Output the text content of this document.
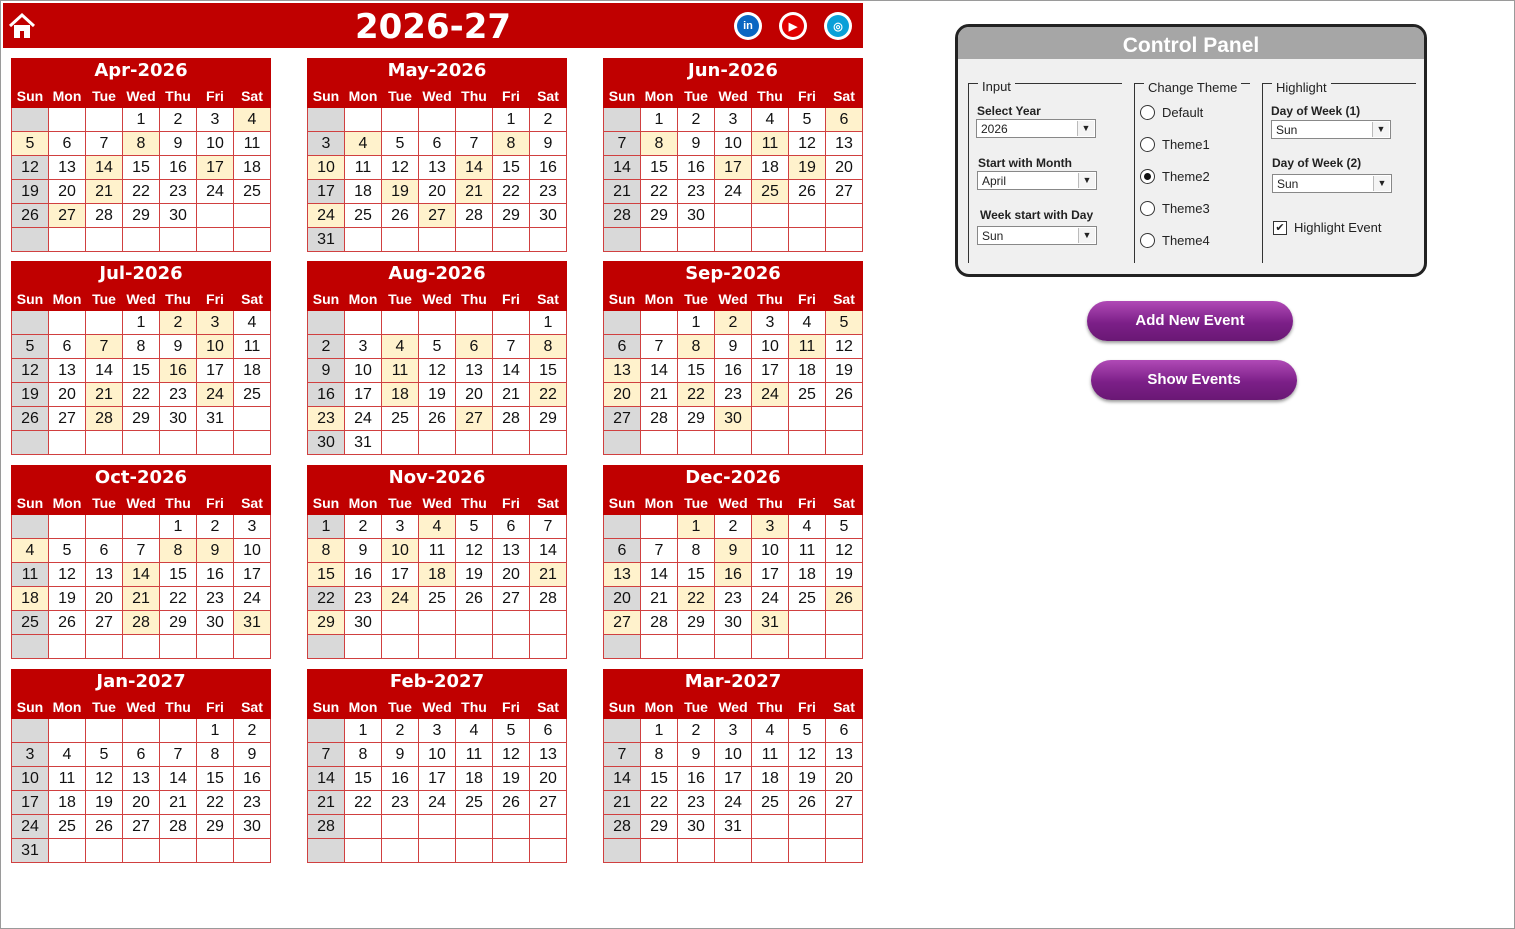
2026-27	in	▶	◎
Apr-2026
Sun	Mon	Tue	Wed	Thu	Fri	Sat
			1	2	3	4
5	6	7	8	9	10	11
12	13	14	15	16	17	18
19	20	21	22	23	24	25
26	27	28	29	30		

May-2026
Sun	Mon	Tue	Wed	Thu	Fri	Sat
					1	2
3	4	5	6	7	8	9
10	11	12	13	14	15	16
17	18	19	20	21	22	23
24	25	26	27	28	29	30
31						
Jun-2026
Sun	Mon	Tue	Wed	Thu	Fri	Sat
	1	2	3	4	5	6
7	8	9	10	11	12	13
14	15	16	17	18	19	20
21	22	23	24	25	26	27
28	29	30				

Jul-2026
Sun	Mon	Tue	Wed	Thu	Fri	Sat
			1	2	3	4
5	6	7	8	9	10	11
12	13	14	15	16	17	18
19	20	21	22	23	24	25
26	27	28	29	30	31	

Aug-2026
Sun	Mon	Tue	Wed	Thu	Fri	Sat
						1
2	3	4	5	6	7	8
9	10	11	12	13	14	15
16	17	18	19	20	21	22
23	24	25	26	27	28	29
30	31					
Sep-2026
Sun	Mon	Tue	Wed	Thu	Fri	Sat
		1	2	3	4	5
6	7	8	9	10	11	12
13	14	15	16	17	18	19
20	21	22	23	24	25	26
27	28	29	30			

Oct-2026
Sun	Mon	Tue	Wed	Thu	Fri	Sat
				1	2	3
4	5	6	7	8	9	10
11	12	13	14	15	16	17
18	19	20	21	22	23	24
25	26	27	28	29	30	31

Nov-2026
Sun	Mon	Tue	Wed	Thu	Fri	Sat
1	2	3	4	5	6	7
8	9	10	11	12	13	14
15	16	17	18	19	20	21
22	23	24	25	26	27	28
29	30					

Dec-2026
Sun	Mon	Tue	Wed	Thu	Fri	Sat
		1	2	3	4	5
6	7	8	9	10	11	12
13	14	15	16	17	18	19
20	21	22	23	24	25	26
27	28	29	30	31		

Jan-2027
Sun	Mon	Tue	Wed	Thu	Fri	Sat
					1	2
3	4	5	6	7	8	9
10	11	12	13	14	15	16
17	18	19	20	21	22	23
24	25	26	27	28	29	30
31						
Feb-2027
Sun	Mon	Tue	Wed	Thu	Fri	Sat
	1	2	3	4	5	6
7	8	9	10	11	12	13
14	15	16	17	18	19	20
21	22	23	24	25	26	27
28						

Mar-2027
Sun	Mon	Tue	Wed	Thu	Fri	Sat
	1	2	3	4	5	6
7	8	9	10	11	12	13
14	15	16	17	18	19	20
21	22	23	24	25	26	27
28	29	30	31			

Control Panel
Input
Select Year
2026	▼
Start with Month
April	▼
Week start with Day
Sun	▼
Change Theme	Highlight
Day of Week (1)
Sun	▼
Day of Week (2)
Sun	▼
✔ Highlight Event
Default
Theme1
Theme2
Theme3
Theme4
Add New Event
Show Events
